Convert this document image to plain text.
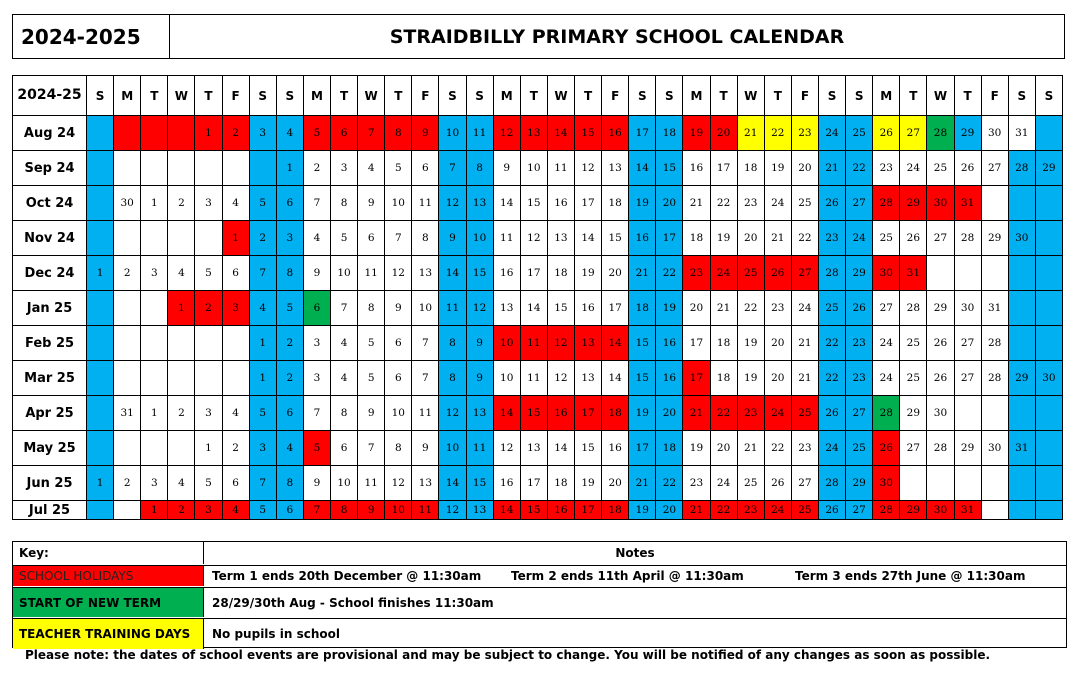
2024-2025	STRAIDBILLY PRIMARY SCHOOL CALENDAR
2024-25	S	M	T	W	T	F	S	S	M	T	W	T	F	S	S	M	T	W	T	F	S	S	M	T	W	T	F	S	S	M	T	W	T	F	S	S
Aug 24					1	2	3	4	5	6	7	8	9	10	11	12	13	14	15	16	17	18	19	20	21	22	23	24	25	26	27	28	29	30	31	
Sep 24								1	2	3	4	5	6	7	8	9	10	11	12	13	14	15	16	17	18	19	20	21	22	23	24	25	26	27	28	29
Oct 24		30	1	2	3	4	5	6	7	8	9	10	11	12	13	14	15	16	17	18	19	20	21	22	23	24	25	26	27	28	29	30	31			
Nov 24						1	2	3	4	5	6	7	8	9	10	11	12	13	14	15	16	17	18	19	20	21	22	23	24	25	26	27	28	29	30	
Dec 24	1	2	3	4	5	6	7	8	9	10	11	12	13	14	15	16	17	18	19	20	21	22	23	24	25	26	27	28	29	30	31					
Jan 25				1	2	3	4	5	6	7	8	9	10	11	12	13	14	15	16	17	18	19	20	21	22	23	24	25	26	27	28	29	30	31		
Feb 25							1	2	3	4	5	6	7	8	9	10	11	12	13	14	15	16	17	18	19	20	21	22	23	24	25	26	27	28		
Mar 25							1	2	3	4	5	6	7	8	9	10	11	12	13	14	15	16	17	18	19	20	21	22	23	24	25	26	27	28	29	30
Apr 25		31	1	2	3	4	5	6	7	8	9	10	11	12	13	14	15	16	17	18	19	20	21	22	23	24	25	26	27	28	29	30				
May 25					1	2	3	4	5	6	7	8	9	10	11	12	13	14	15	16	17	18	19	20	21	22	23	24	25	26	27	28	29	30	31	
Jun 25	1	2	3	4	5	6	7	8	9	10	11	12	13	14	15	16	17	18	19	20	21	22	23	24	25	26	27	28	29	30						
Jul 25			1	2	3	4	5	6	7	8	9	10	11	12	13	14	15	16	17	18	19	20	21	22	23	24	25	26	27	28	29	30	31			
Key:	Notes
SCHOOL HOLIDAYS	Term 1 ends 20th December @ 11:30am	Term 2 ends 11th April @ 11:30am	Term 3 ends 27th June @ 11:30am
START OF NEW TERM	28/29/30th Aug - School finishes 11:30am
TEACHER TRAINING DAYS	No pupils in school
Please note: the dates of school events are provisional and may be subject to change. You will be notified of any changes as soon as possible.
